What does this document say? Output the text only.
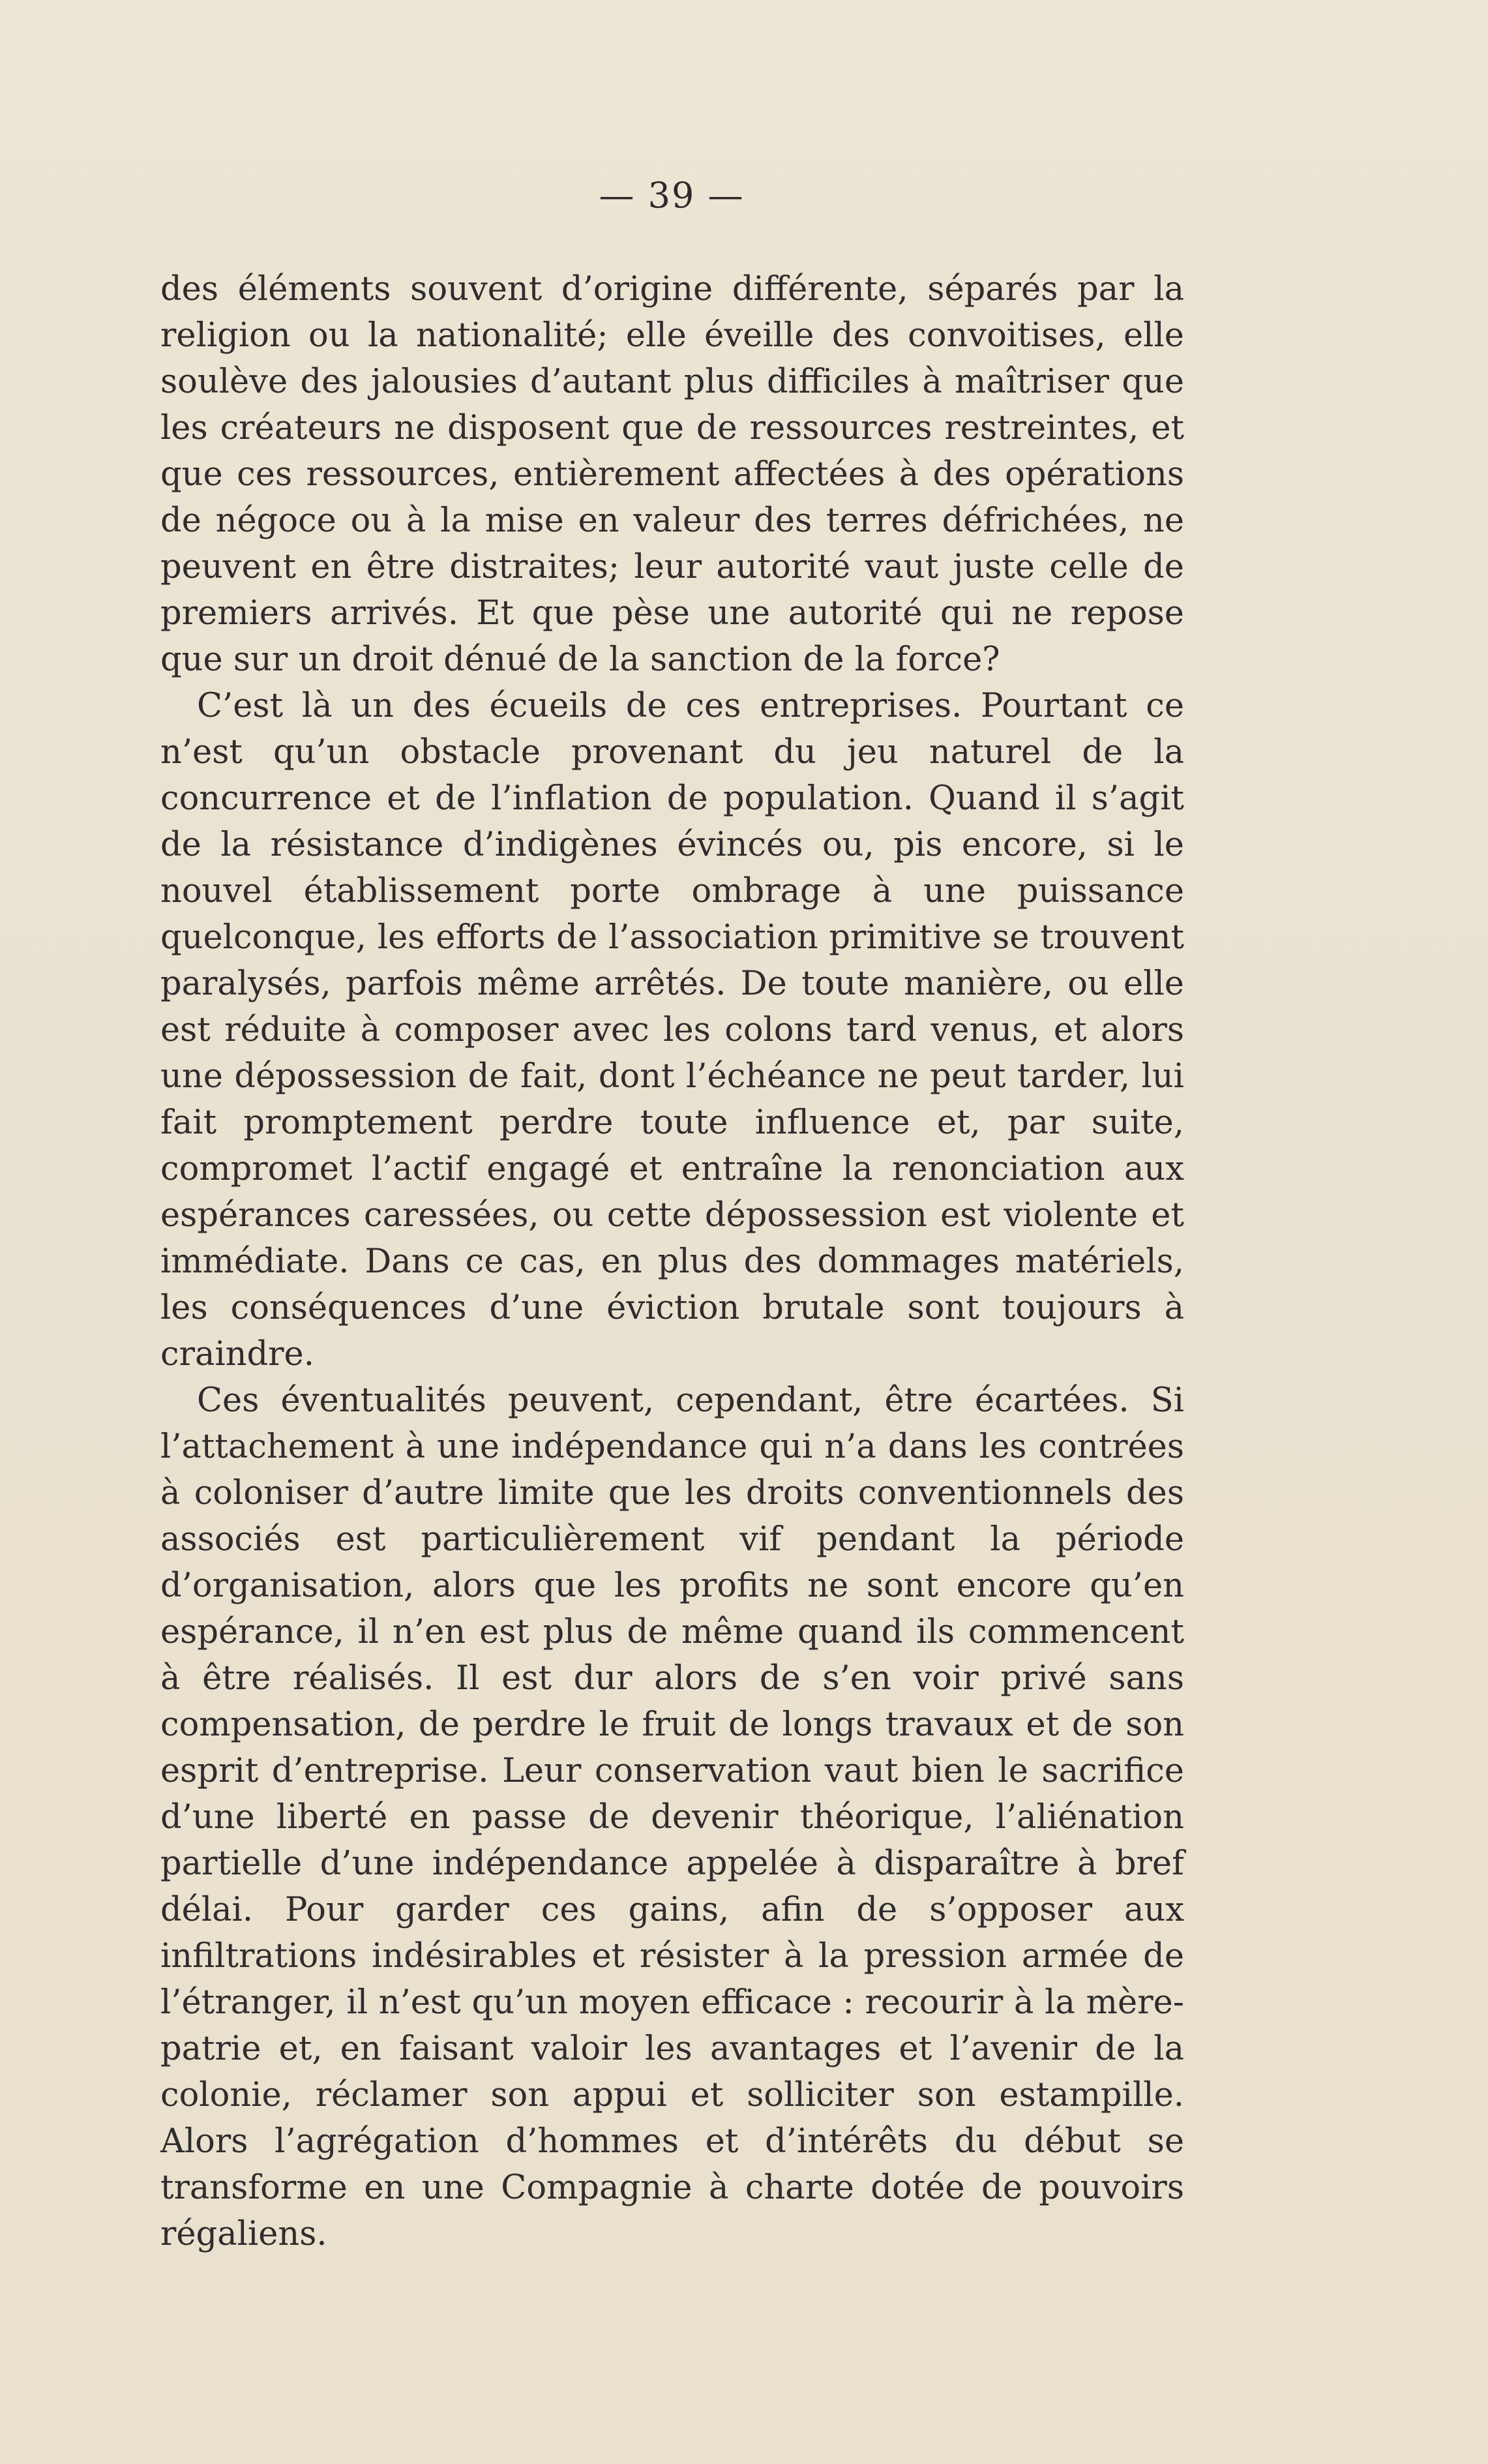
— 39 —

des éléments souvent d’origine différente, séparés par la religion ou la nationalité; elle éveille des convoitises, elle soulève des jalousies d’autant plus difficiles à maîtriser que les créateurs ne disposent que de ressources restreintes, et que ces ressources, entièrement affectées à des opérations de négoce ou à la mise en valeur des terres défrichées, ne peuvent en être distraites; leur autorité vaut juste celle de premiers arrivés. Et que pèse une autorité qui ne repose que sur un droit dénué de la sanction de la force?

C’est là un des écueils de ces entreprises. Pourtant ce n’est qu’un obstacle provenant du jeu naturel de la concurrence et de l’inflation de population. Quand il s’agit de la résistance d’indigènes évincés ou, pis encore, si le nouvel établissement porte ombrage à une puissance quelconque, les efforts de l’association primitive se trouvent paralysés, parfois même arrêtés. De toute manière, ou elle est réduite à composer avec les colons tard venus, et alors une dépossession de fait, dont l’échéance ne peut tarder, lui fait promptement perdre toute influence et, par suite, compromet l’actif engagé et entraîne la renonciation aux espérances caressées, ou cette dépossession est violente et immédiate. Dans ce cas, en plus des dommages matériels, les conséquences d’une éviction brutale sont toujours à craindre.

Ces éventualités peuvent, cependant, être écartées. Si l’attachement à une indépendance qui n’a dans les contrées à coloniser d’autre limite que les droits conventionnels des associés est particulièrement vif pendant la période d’organisation, alors que les profits ne sont encore qu’en espérance, il n’en est plus de même quand ils commencent à être réalisés. Il est dur alors de s’en voir privé sans compensation, de perdre le fruit de longs travaux et de son esprit d’entreprise. Leur conservation vaut bien le sacrifice d’une liberté en passe de devenir théorique, l’aliénation partielle d’une indépendance appelée à disparaître à bref délai. Pour garder ces gains, afin de s’opposer aux infiltrations indésirables et résister à la pression armée de l’étranger, il n’est qu’un moyen efficace : recourir à la mère-patrie et, en faisant valoir les avantages et l’avenir de la colonie, réclamer son appui et solliciter son estampille. Alors l’agrégation d’hommes et d’intérêts du début se transforme en une Compagnie à charte dotée de pouvoirs régaliens.
